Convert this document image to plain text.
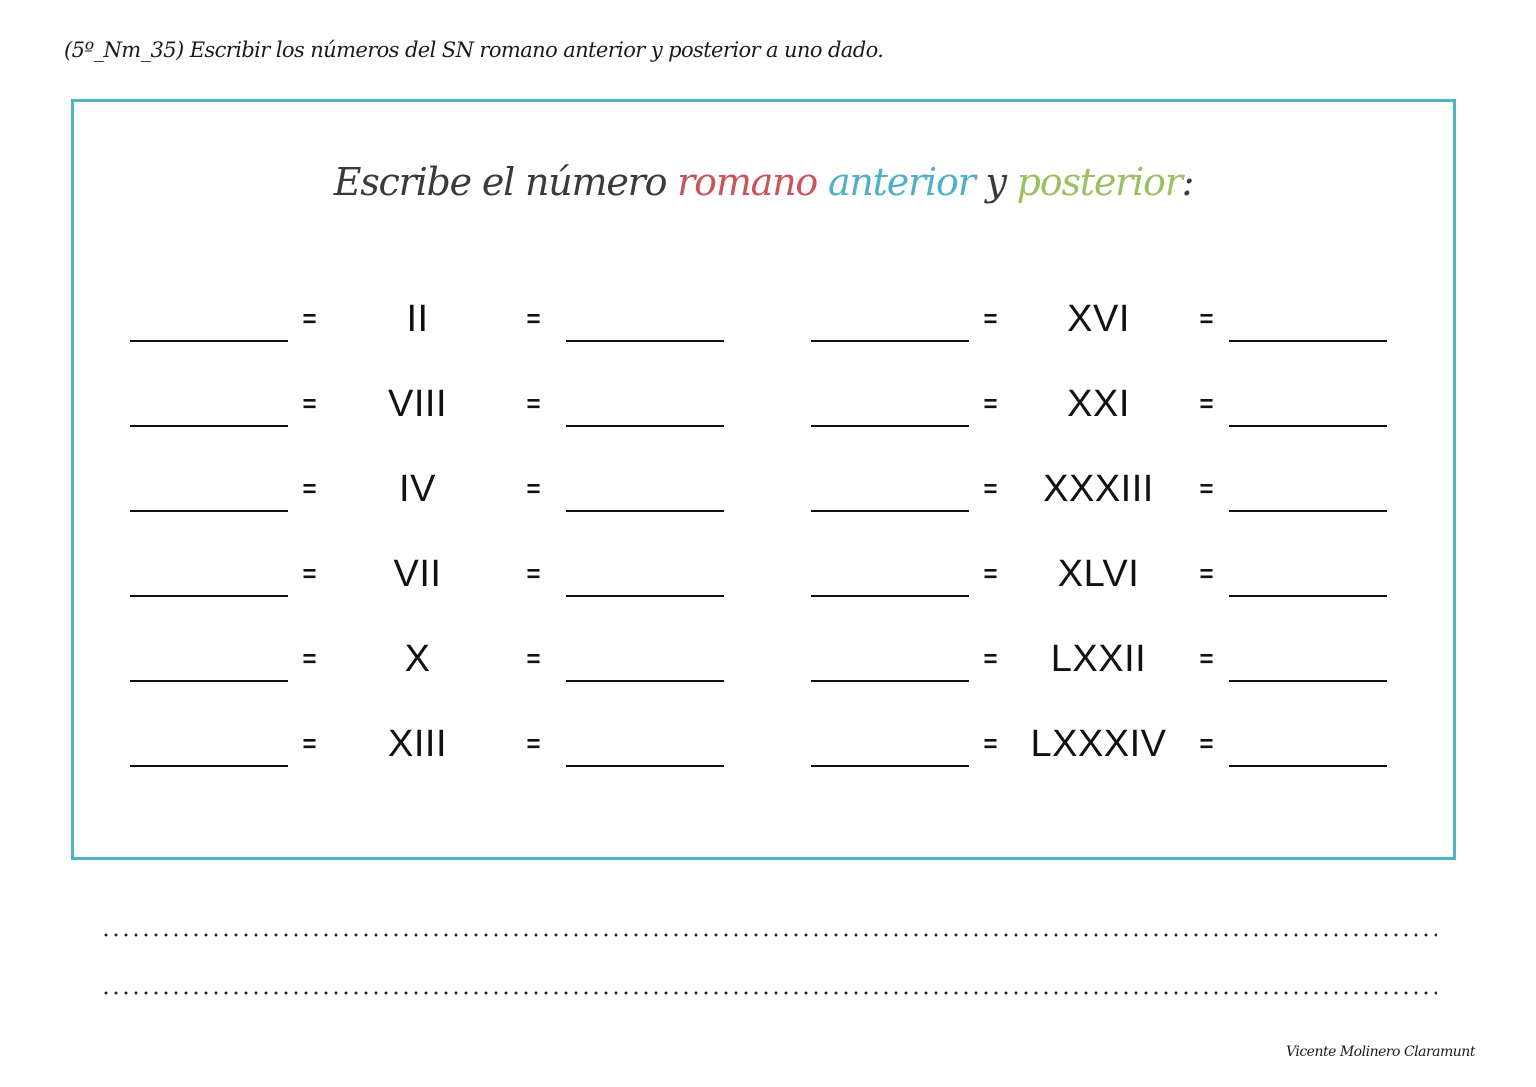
(5º_Nm_35) Escribir los números del SN romano anterior y posterior a uno dado.
Escribe el número romano anterior y posterior:
=	II	=
=	VIII	=
=	IV	=
=	VII	=
=	X	=
=	XIII	=
=	XVI	=
=	XXI	=
=	XXXIII	=
=	XLVI	=
=	LXXII	=
= LXXXIV	=
Vicente Molinero Claramunt
